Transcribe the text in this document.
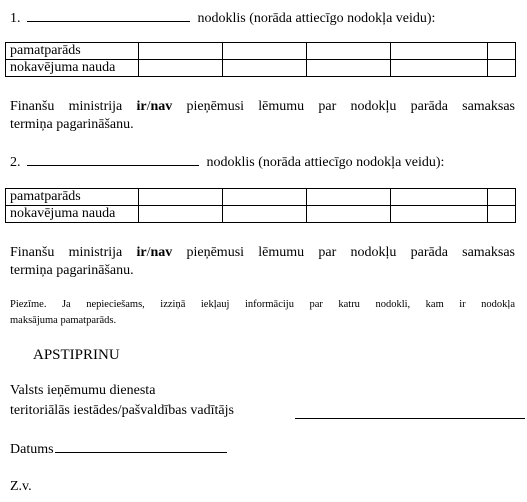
1.	nodoklis (norāda attiecīgo nodokļa veidu):
pamatparāds					
nokavējuma nauda					
Finanšu ministrija ir/nav pieņēmusi lēmumu par nodokļu parāda samaksas
termiņa pagarināšanu.
2.	nodoklis (norāda attiecīgo nodokļa veidu):
pamatparāds					
nokavējuma nauda					
Finanšu ministrija ir/nav pieņēmusi lēmumu par nodokļu parāda samaksas
termiņa pagarināšanu.
Piezīme. Ja nepieciešams, izziņā iekļauj informāciju par katru nodokli, kam ir nodokļa
maksājuma pamatparāds.
APSTIPRINU
Valsts ieņēmumu dienesta
teritoriālās iestādes/pašvaldības vadītājs
Datums
Z.v.
